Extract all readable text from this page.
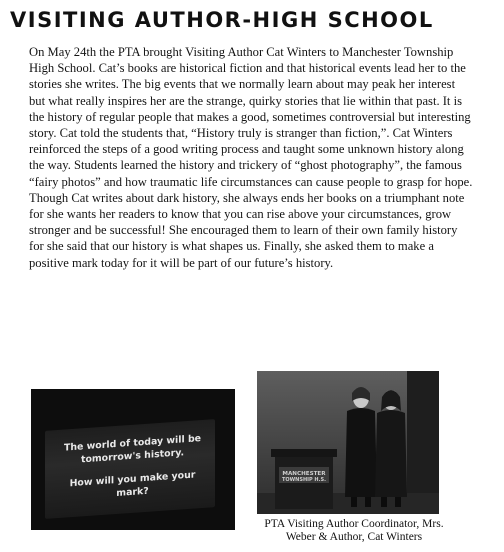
VISITING AUTHOR-HIGH SCHOOL

On May 24th the PTA brought Visiting Author Cat Winters to Manchester Township High School. Cat’s books are historical fiction and that historical events lead her to the stories she writes. The big events that we normally learn about may peak her interest but what really inspires her are the strange, quirky stories that lie within that past. It is the history of regular people that makes a good, sometimes controversial but interesting story. Cat told the students that, “History truly is stranger than fiction,”. Cat Winters reinforced the steps of a good writing process and taught some unknown history along the way. Students learned the history and trickery of “ghost photography”, the famous “fairy photos” and how traumatic life circumstances can cause people to grasp for hope. Though Cat writes about dark history, she always ends her books on a triumphant note for she wants her readers to know that you can rise above your circumstances, grow stronger and be successful! She encouraged them to learn of their own family history for she said that our history is what shapes us. Finally, she asked them to make a positive mark today for it will be part of our future’s history.

The world of today will be tomorrow's history.
How will you make your mark?
MANCHESTER
TOWNSHIP H.S.
PTA Visiting Author Coordinator, Mrs. Weber & Author, Cat Winters
